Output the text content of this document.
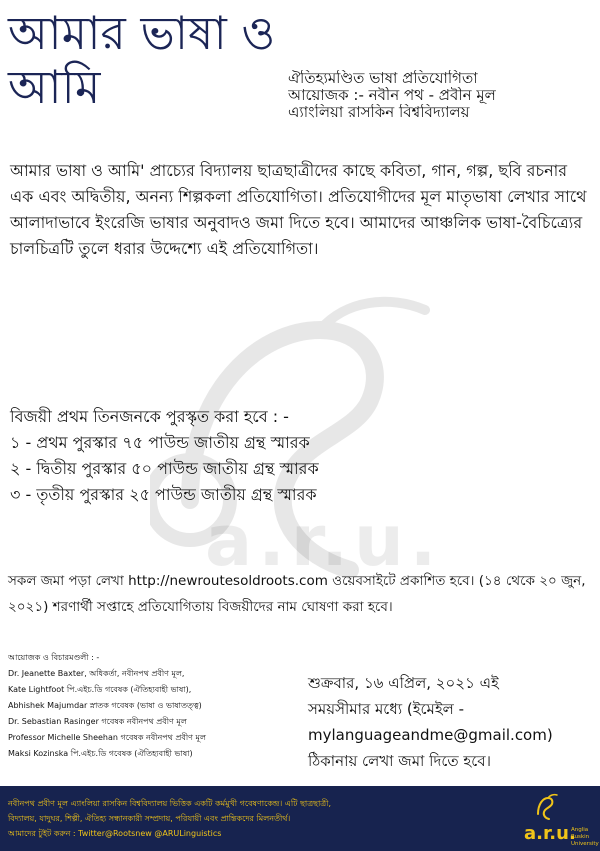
a.r.u.
আমার ভাষা ও
আমি	ঐতিহ্যমণ্ডিত ভাষা প্রতিযোগিতা
আয়োজক :- নবীন পথ - প্রবীন মূল
এ্যাংলিয়া রাসকিন বিশ্ববিদ্যালয়
আমার ভাষা ও আমি' প্রাচ্যের বিদ্যালয় ছাত্রছাত্রীদের কাছে কবিতা, গান, গল্প, ছবি রচনার এক এবং অদ্বিতীয়, অনন্য শিল্পকলা প্রতিযোগিতা। প্রতিযোগীদের মূল মাতৃভাষা লেখার সাথে আলাদাভাবে ইংরেজি ভাষার অনুবাদও জমা দিতে হবে। আমাদের আঞ্চলিক ভাষা-বৈচিত্র্যের চালচিত্রটি তুলে ধরার উদ্দেশ্যে এই প্রতিযোগিতা।
বিজয়ী প্রথম তিনজনকে পুরস্কৃত করা হবে : -
১ - প্রথম পুরস্কার ৭৫ পাউন্ড জাতীয় গ্রন্থ স্মারক
২ - দ্বিতীয় পুরস্কার ৫০ পাউন্ড জাতীয় গ্রন্থ স্মারক
৩ - তৃতীয় পুরস্কার ২৫ পাউন্ড জাতীয় গ্রন্থ স্মারক
সকল জমা পড়া লেখা http://newroutesoldroots.com ওয়েবসাইটে প্রকাশিত হবে। (১৪ থেকে ২০ জুন, ২০২১) শরণার্থী সপ্তাহে প্রতিযোগিতায় বিজয়ীদের নাম ঘোষণা করা হবে।
আয়োজক ও বিচারমণ্ডলী : -
Dr. Jeanette Baxter, অধিকর্তা, নবীনপথ প্রবীণ মূল,
Kate Lightfoot পি.এইচ.ডি গবেষক (ঐতিহ্যবাহী ভাষা),
Abhishek Majumdar স্নাতক গবেষক (ভাষা ও ভাষাতত্ত্ব)
Dr. Sebastian Rasinger গবেষক নবীনপথ প্রবীণ মূল
Professor Michelle Sheehan গবেষক নবীনপথ প্রবীণ মূল
Maksi Kozinska পি.এইচ.ডি গবেষক (ঐতিহ্যবাহী ভাষা)
শুক্রবার, ১৬ এপ্রিল, ২০২১ এই
সময়সীমার মধ্যে (ইমেইল -
mylanguageandme@gmail.com)
ঠিকানায় লেখা জমা দিতে হবে।
নবীনপথ প্রবীণ মূল এ্যাংলিয়া রাসকিন বিশ্ববিদ্যালয় ভিত্তিক একটি কর্মমুখী গবেষণাকেন্দ্র। এটি ছাত্রছাত্রী,
বিদ্যালয়, যাদুঘর, শিল্পী, ঐতিহ্য সন্ধানকারী সম্প্রদায়, পরিযায়ী এবং প্রান্তিকদের মিলনতীর্থ।
আমাদের টুইট করুন : Twitter@Rootsnew @ARULinguistics	a.r.u.
Anglia Ruskin University
